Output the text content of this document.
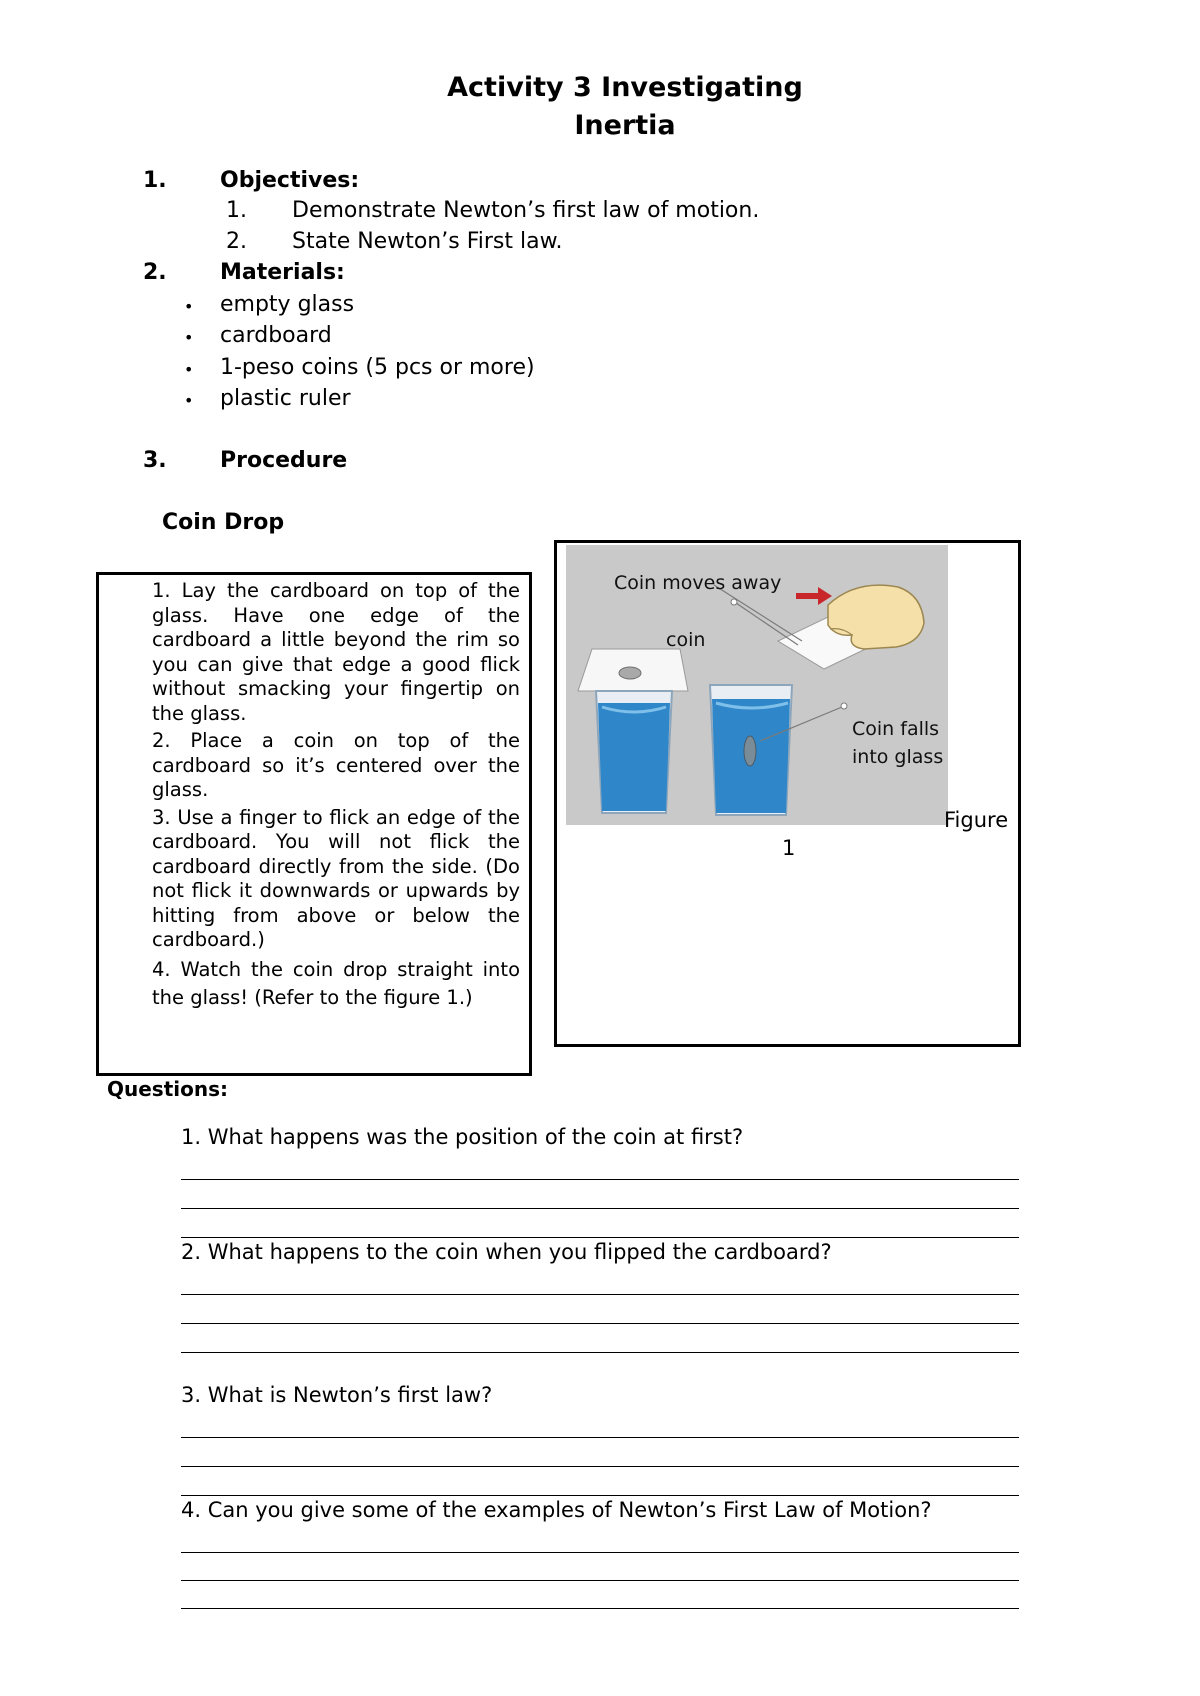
Activity 3 Investigating
Inertia
1. Objectives:
1. Demonstrate Newton’s first law of motion.
2. State Newton’s First law.
2. Materials:
• empty glass
• cardboard
• 1-peso coins (5 pcs or more)
• plastic ruler
3. Procedure
Coin Drop

1. Lay the cardboard on top of the glass. Have one edge of the cardboard a little beyond the rim so you can give that edge a good flick without smacking your fingertip on the glass.

2. Place a coin on top of the cardboard so it’s centered over the glass.

3. Use a finger to flick an edge of the cardboard. You will not flick the cardboard directly from the side. (Do not flick it downwards or upwards by hitting from above or below the cardboard.)

4. Watch the coin drop straight into the glass! (Refer to the figure 1.)

Coin moves away
coin
Coin falls
into glass
Figure
1
Questions:
1. What happens was the position of the coin at first?
2. What happens to the coin when you flipped the cardboard?
3. What is Newton’s first law?
4. Can you give some of the examples of Newton’s First Law of Motion?
